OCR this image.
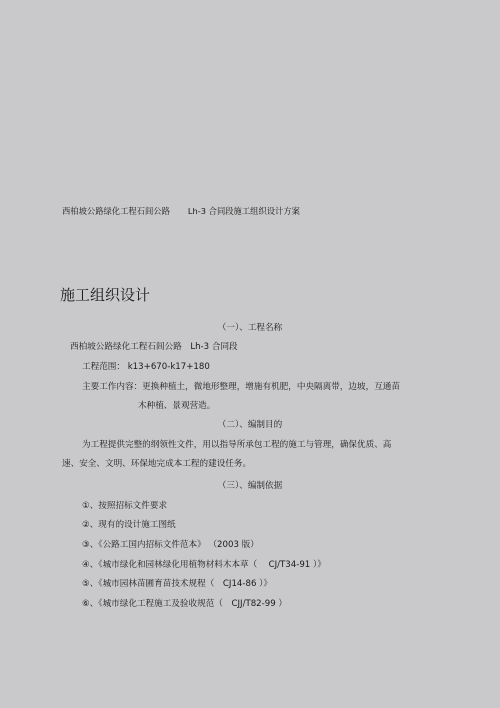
西柏坡公路绿化工程石闾公路 Lh-3 合同段施工组织设计方案
施工组织设计
（一）、工程名称
西柏坡公路绿化工程石闾公路　Lh-3 合同段
工程范围： k13+670-k17+180
主要工作内容：更换种植土，微地形整理，增施有机肥，中央隔离带，边坡，互通苗
木种植、景观营造。
（二）、编制目的
为工程提供完整的纲领性文件，用以指导所承包工程的施工与管理，确保优质、高
速、安全、文明、环保地完成本工程的建设任务。
（三）、编制依据
①、按照招标文件要求
②、现有的设计施工图纸
③、《公路工国内招标文件范本》 （2003 版）
④、《城市绿化和园林绿化用植物材料木本草（　 CJ/T34-91 ）》
⑤、《城市园林苗圃育苗技术规程（　CJ14-86 ）》
⑥、《城市绿化工程施工及验收规范（　CJJ/T82-99 ）
